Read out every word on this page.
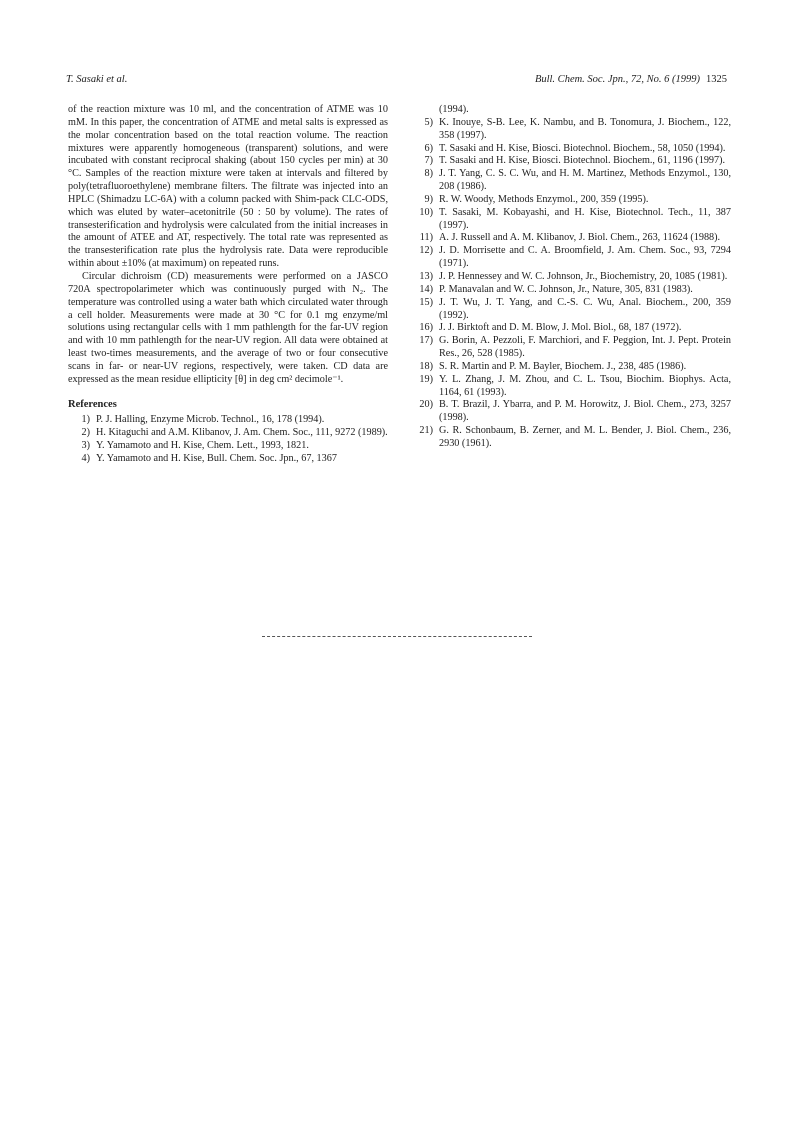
T. Sasaki et al.	Bull. Chem. Soc. Jpn., 72, No. 6 (1999) 1325

of the reaction mixture was 10 ml, and the concentration of ATME was 10 mM. In this paper, the concentration of ATME and metal salts is expressed as the molar concentration based on the total reaction volume. The reaction mixtures were apparently homogeneous (transparent) solutions, and were incubated with constant reciprocal shaking (about 150 cycles per min) at 30 °C. Samples of the reaction mixture were taken at intervals and filtered by poly(tetrafluoroethylene) membrane filters. The filtrate was injected into an HPLC (Shimadzu LC-6A) with a column packed with Shim-pack CLC-ODS, which was eluted by water–acetonitrile (50 : 50 by volume). The rates of transesterification and hydrolysis were calculated from the initial increases in the amount of ATEE and AT, respectively. The total rate was represented as the transesterification rate plus the hydrolysis rate. Data were reproducible within about ±10% (at maximum) on repeated runs.

Circular dichroism (CD) measurements were performed on a JASCO 720A spectropolarimeter which was continuously purged with N₂. The temperature was controlled using a water bath which circulated water through a cell holder. Measurements were made at 30 °C for 0.1 mg enzyme/ml solutions using rectangular cells with 1 mm pathlength for the far-UV region and with 10 mm pathlength for the near-UV region. All data were obtained at least two-times measurements, and the average of two or four consecutive scans in far- or near-UV regions, respectively, were taken. CD data are expressed as the mean residue ellipticity [θ] in deg cm² decimole⁻¹.

References

1) P. J. Halling, Enzyme Microb. Technol., 16, 178 (1994).

2) H. Kitaguchi and A.M. Klibanov, J. Am. Chem. Soc., 111, 9272 (1989).

3) Y. Yamamoto and H. Kise, Chem. Lett., 1993, 1821.

4) Y. Yamamoto and H. Kise, Bull. Chem. Soc. Jpn., 67, 1367

(1994).

5) K. Inouye, S-B. Lee, K. Nambu, and B. Tonomura, J. Biochem., 122, 358 (1997).

6) T. Sasaki and H. Kise, Biosci. Biotechnol. Biochem., 58, 1050 (1994).

7) T. Sasaki and H. Kise, Biosci. Biotechnol. Biochem., 61, 1196 (1997).

8) J. T. Yang, C. S. C. Wu, and H. M. Martinez, Methods Enzymol., 130, 208 (1986).

9) R. W. Woody, Methods Enzymol., 200, 359 (1995).

10) T. Sasaki, M. Kobayashi, and H. Kise, Biotechnol. Tech., 11, 387 (1997).

11) A. J. Russell and A. M. Klibanov, J. Biol. Chem., 263, 11624 (1988).

12) J. D. Morrisette and C. A. Broomfield, J. Am. Chem. Soc., 93, 7294 (1971).

13) J. P. Hennessey and W. C. Johnson, Jr., Biochemistry, 20, 1085 (1981).

14) P. Manavalan and W. C. Johnson, Jr., Nature, 305, 831 (1983).

15) J. T. Wu, J. T. Yang, and C.-S. C. Wu, Anal. Biochem., 200, 359 (1992).

16) J. J. Birktoft and D. M. Blow, J. Mol. Biol., 68, 187 (1972).

17) G. Borin, A. Pezzoli, F. Marchiori, and F. Peggion, Int. J. Pept. Protein Res., 26, 528 (1985).

18) S. R. Martin and P. M. Bayler, Biochem. J., 238, 485 (1986).

19) Y. L. Zhang, J. M. Zhou, and C. L. Tsou, Biochim. Biophys. Acta, 1164, 61 (1993).

20) B. T. Brazil, J. Ybarra, and P. M. Horowitz, J. Biol. Chem., 273, 3257 (1998).

21) G. R. Schonbaum, B. Zerner, and M. L. Bender, J. Biol. Chem., 236, 2930 (1961).
